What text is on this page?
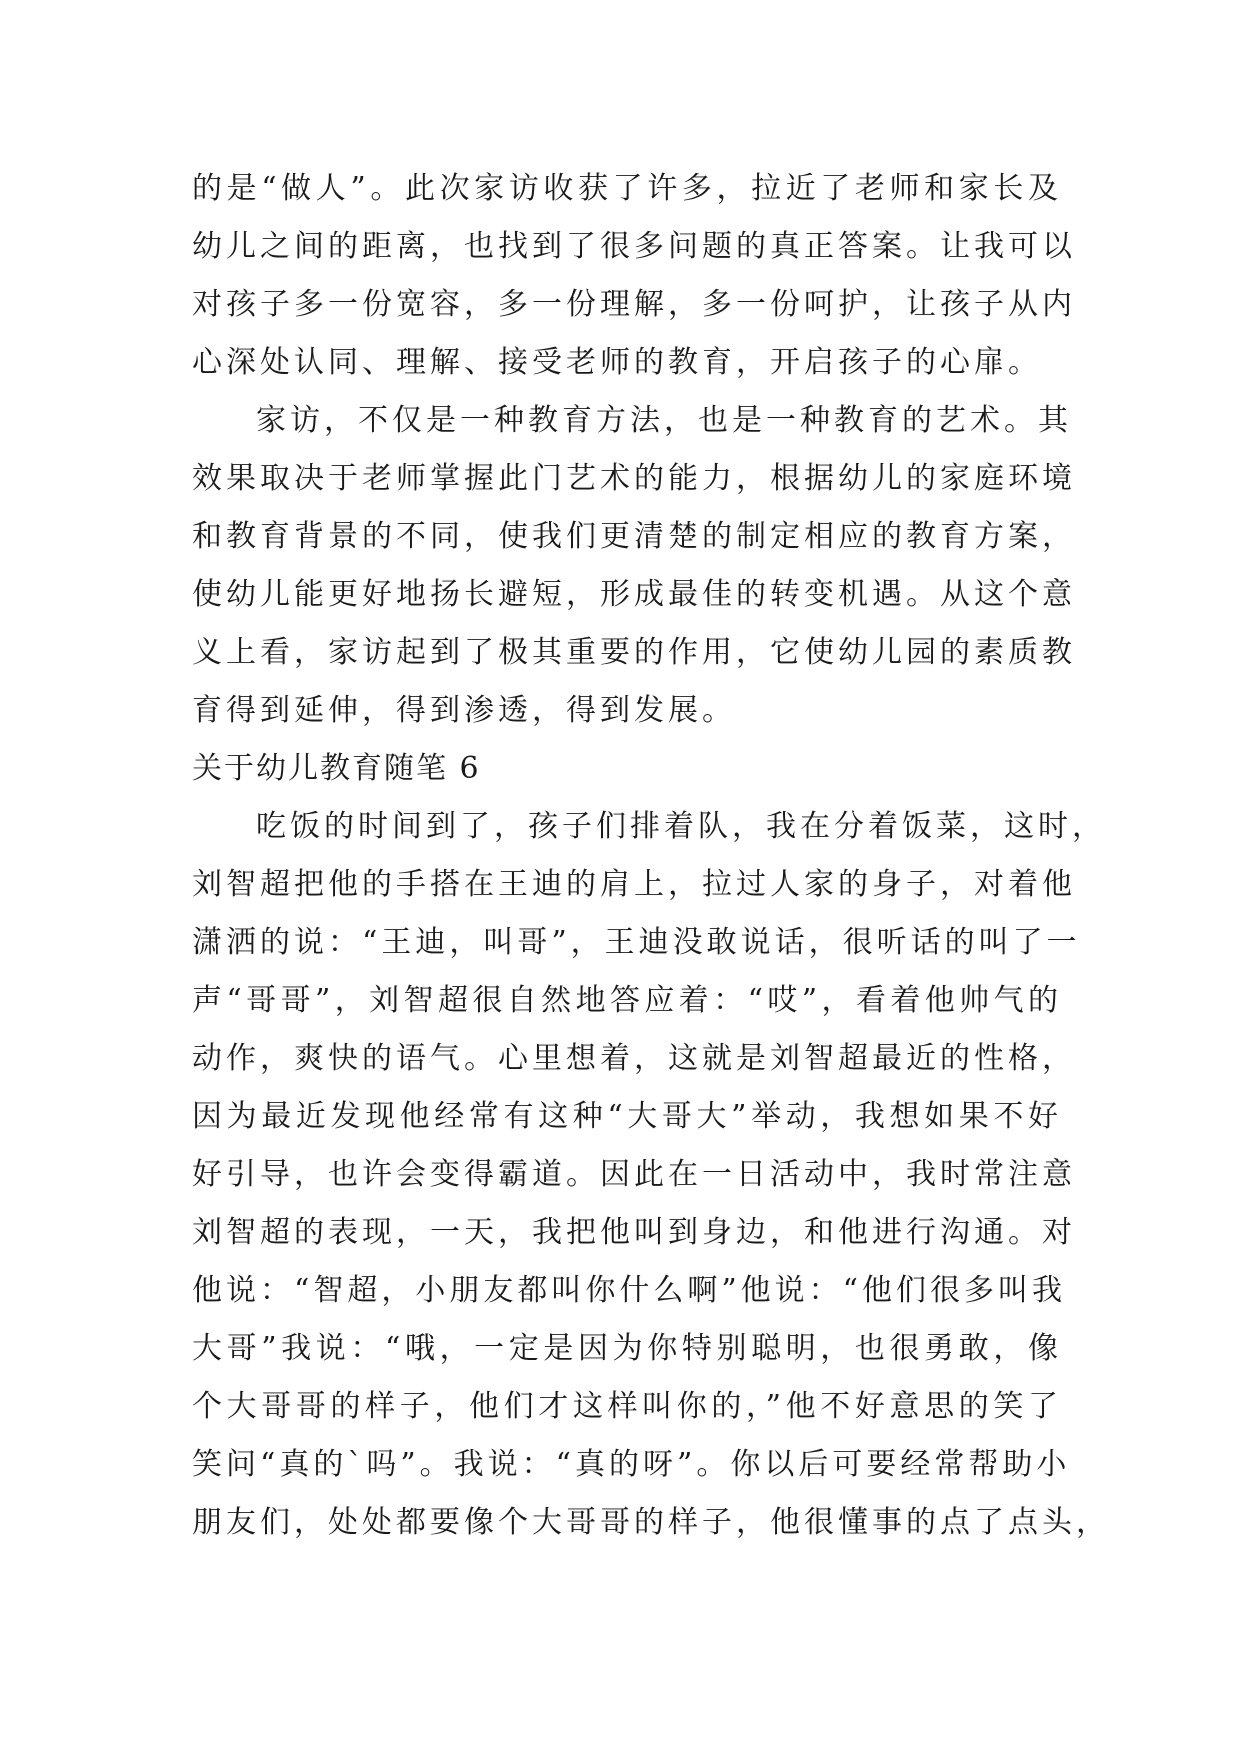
的是“做人”。此次家访收获了许多，拉近了老师和家长及
幼儿之间的距离，也找到了很多问题的真正答案。让我可以
对孩子多一份宽容，多一份理解，多一份呵护，让孩子从内
心深处认同、理解、接受老师的教育，开启孩子的心扉。
家访，不仅是一种教育方法，也是一种教育的艺术。其
效果取决于老师掌握此门艺术的能力，根据幼儿的家庭环境
和教育背景的不同，使我们更清楚的制定相应的教育方案，
使幼儿能更好地扬长避短，形成最佳的转变机遇。从这个意
义上看，家访起到了极其重要的作用，它使幼儿园的素质教
育得到延伸，得到渗透，得到发展。
关于幼儿教育随笔 6
吃饭的时间到了，孩子们排着队，我在分着饭菜，这时，
刘智超把他的手搭在王迪的肩上，拉过人家的身子，对着他
潇洒的说：“王迪，叫哥”，王迪没敢说话，很听话的叫了一
声“哥哥”，刘智超很自然地答应着：“哎”，看着他帅气的
动作，爽快的语气。心里想着，这就是刘智超最近的性格，
因为最近发现他经常有这种“大哥大”举动，我想如果不好
好引导，也许会变得霸道。因此在一日活动中，我时常注意
刘智超的表现，一天，我把他叫到身边，和他进行沟通。对
他说：“智超，小朋友都叫你什么啊”他说：“他们很多叫我
大哥”我说：“哦，一定是因为你特别聪明，也很勇敢，像
个大哥哥的样子，他们才这样叫你的，”他不好意思的笑了
笑问“真的`吗”。我说：“真的呀”。你以后可要经常帮助小
朋友们，处处都要像个大哥哥的样子，他很懂事的点了点头，
